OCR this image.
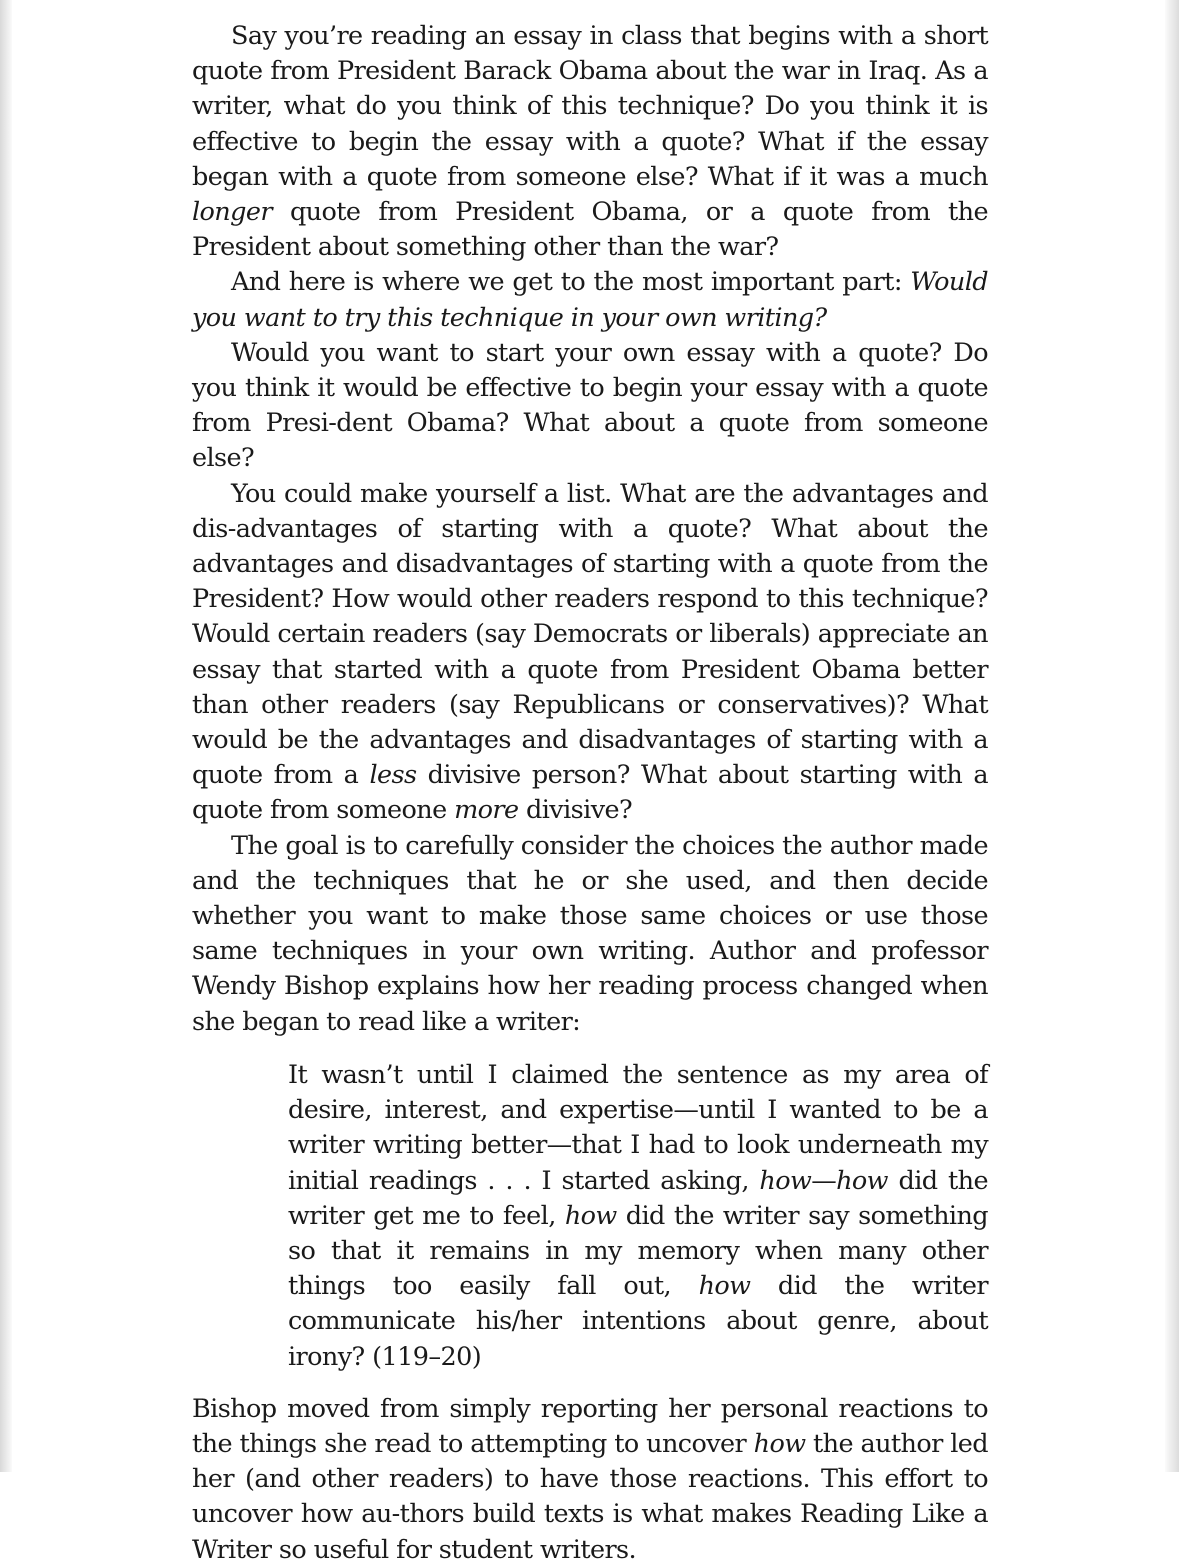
Say you’re reading an essay in class that begins with a short quote from President Barack Obama about the war in Iraq. As a writer, what do you think of this technique? Do you think it is effective to begin the essay with a quote? What if the essay began with a quote from someone else? What if it was a much longer quote from President Obama, or a quote from the President about something other than the war?

And here is where we get to the most important part: Would you want to try this technique in your own writing?

Would you want to start your own essay with a quote? Do you think it would be effective to begin your essay with a quote from Presi-dent Obama? What about a quote from someone else?

You could make yourself a list. What are the advantages and dis-advantages of starting with a quote? What about the advantages and disadvantages of starting with a quote from the President? How would other readers respond to this technique? Would certain readers (say Democrats or liberals) appreciate an essay that started with a quote from President Obama better than other readers (say Republicans or conservatives)? What would be the advantages and disadvantages of starting with a quote from a less divisive person? What about starting with a quote from someone more divisive?

The goal is to carefully consider the choices the author made and the techniques that he or she used, and then decide whether you want to make those same choices or use those same techniques in your own writing. Author and professor Wendy Bishop explains how her reading process changed when she began to read like a writer:

It wasn’t until I claimed the sentence as my area of desire, interest, and expertise—until I wanted to be a writer writing better—that I had to look underneath my initial readings . . . I started asking, how—how did the writer get me to feel, how did the writer say something so that it remains in my memory when many other things too easily fall out, how did the writer communicate his/her intentions about genre, about irony? (119–20)

Bishop moved from simply reporting her personal reactions to the things she read to attempting to uncover how the author led her (and other readers) to have those reactions. This effort to uncover how au-thors build texts is what makes Reading Like a Writer so useful for student writers.
